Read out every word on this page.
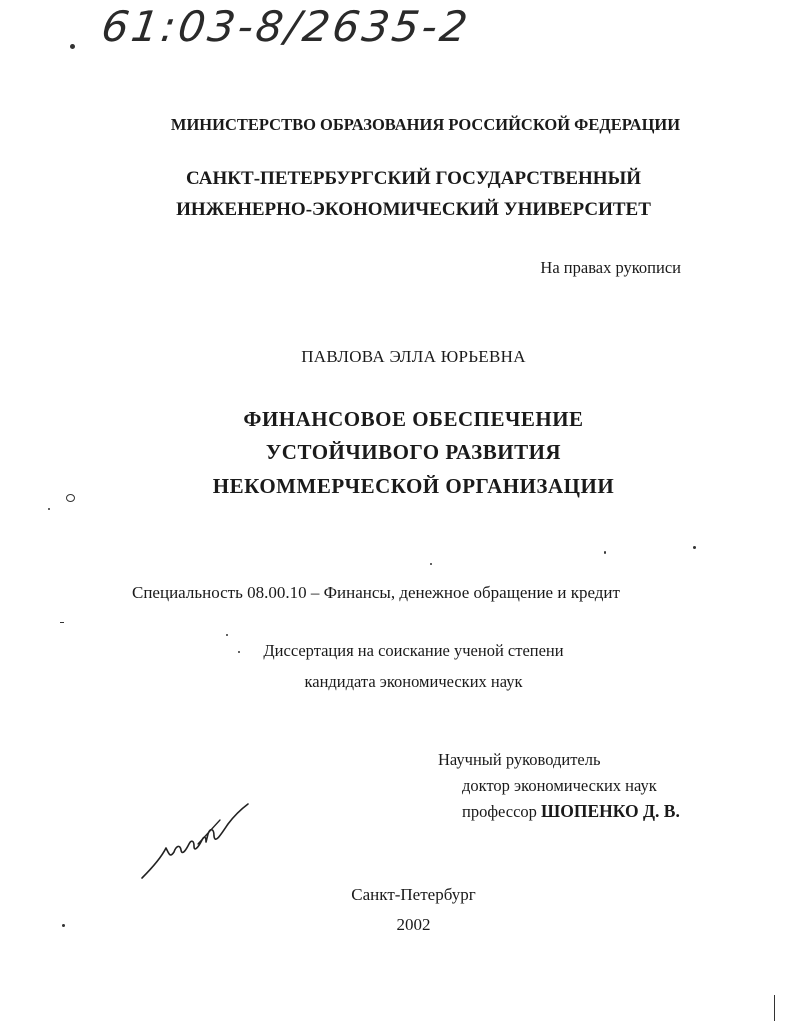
61:03-8/2635-2
МИНИСТЕРСТВО ОБРАЗОВАНИЯ РОССИЙСКОЙ ФЕДЕРАЦИИ
САНКТ-ПЕТЕРБУРГСКИЙ ГОСУДАРСТВЕННЫЙ
ИНЖЕНЕРНО-ЭКОНОМИЧЕСКИЙ УНИВЕРСИТЕТ
На правах рукописи
ПАВЛОВА ЭЛЛА ЮРЬЕВНА
ФИНАНСОВОЕ ОБЕСПЕЧЕНИЕ
УСТОЙЧИВОГО РАЗВИТИЯ
НЕКОММЕРЧЕСКОЙ ОРГАНИЗАЦИИ
Специальность 08.00.10 – Финансы, денежное обращение и кредит
Диссертация на соискание ученой степени
кандидата экономических наук
Научный руководитель
доктор экономических наук
профессор ШОПЕНКО Д. В.
Санкт-Петербург
2002
